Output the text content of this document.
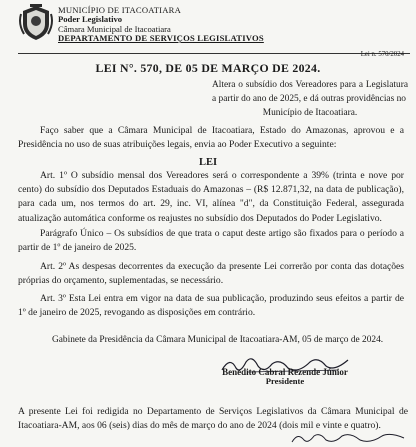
MUNICÍPIO DE ITACOATIARA
Poder Legislativo
Câmara Municipal de Itacoatiara
DEPARTAMENTO DE SERVIÇOS LEGISLATIVOS
Lei n. 570/2024
LEI N°. 570, DE 05 DE MARÇO DE 2024.
Altera o subsídio dos Vereadores para a Legislatura a partir do ano de 2025, e dá outras providências no
Município de Itacoatiara.
Faço saber que a Câmara Municipal de Itacoatiara, Estado do Amazonas, aprovou e a Presidência no uso de suas atribuições legais, envia ao Poder Executivo a seguinte:
LEI
Art. 1º O subsídio mensal dos Vereadores será o correspondente a 39% (trinta e nove por cento) do subsídio dos Deputados Estaduais do Amazonas – (R$ 12.871,32, na data de publicação), para cada um, nos termos do art. 29, inc. VI, alínea "d", da Constituição Federal, assegurada atualização automática conforme os reajustes no subsídio dos Deputados do Poder Legislativo.
Parágrafo Único – Os subsídios de que trata o caput deste artigo são fixados para o período a partir de 1º de janeiro de 2025.
Art. 2º As despesas decorrentes da execução da presente Lei correrão por conta das dotações próprias do orçamento, suplementadas, se necessário.
Art. 3º Esta Lei entra em vigor na data de sua publicação, produzindo seus efeitos a partir de 1º de janeiro de 2025, revogando as disposições em contrário.
Gabinete da Presidência da Câmara Municipal de Itacoatiara-AM, 05 de março de 2024.
Benedito Cabral Rezende Júnior
Presidente
A presente Lei foi redigida no Departamento de Serviços Legislativos da Câmara Municipal de Itacoatiara-AM, aos 06 (seis) dias do mês de março do ano de 2024 (dois mil e vinte e quatro).
